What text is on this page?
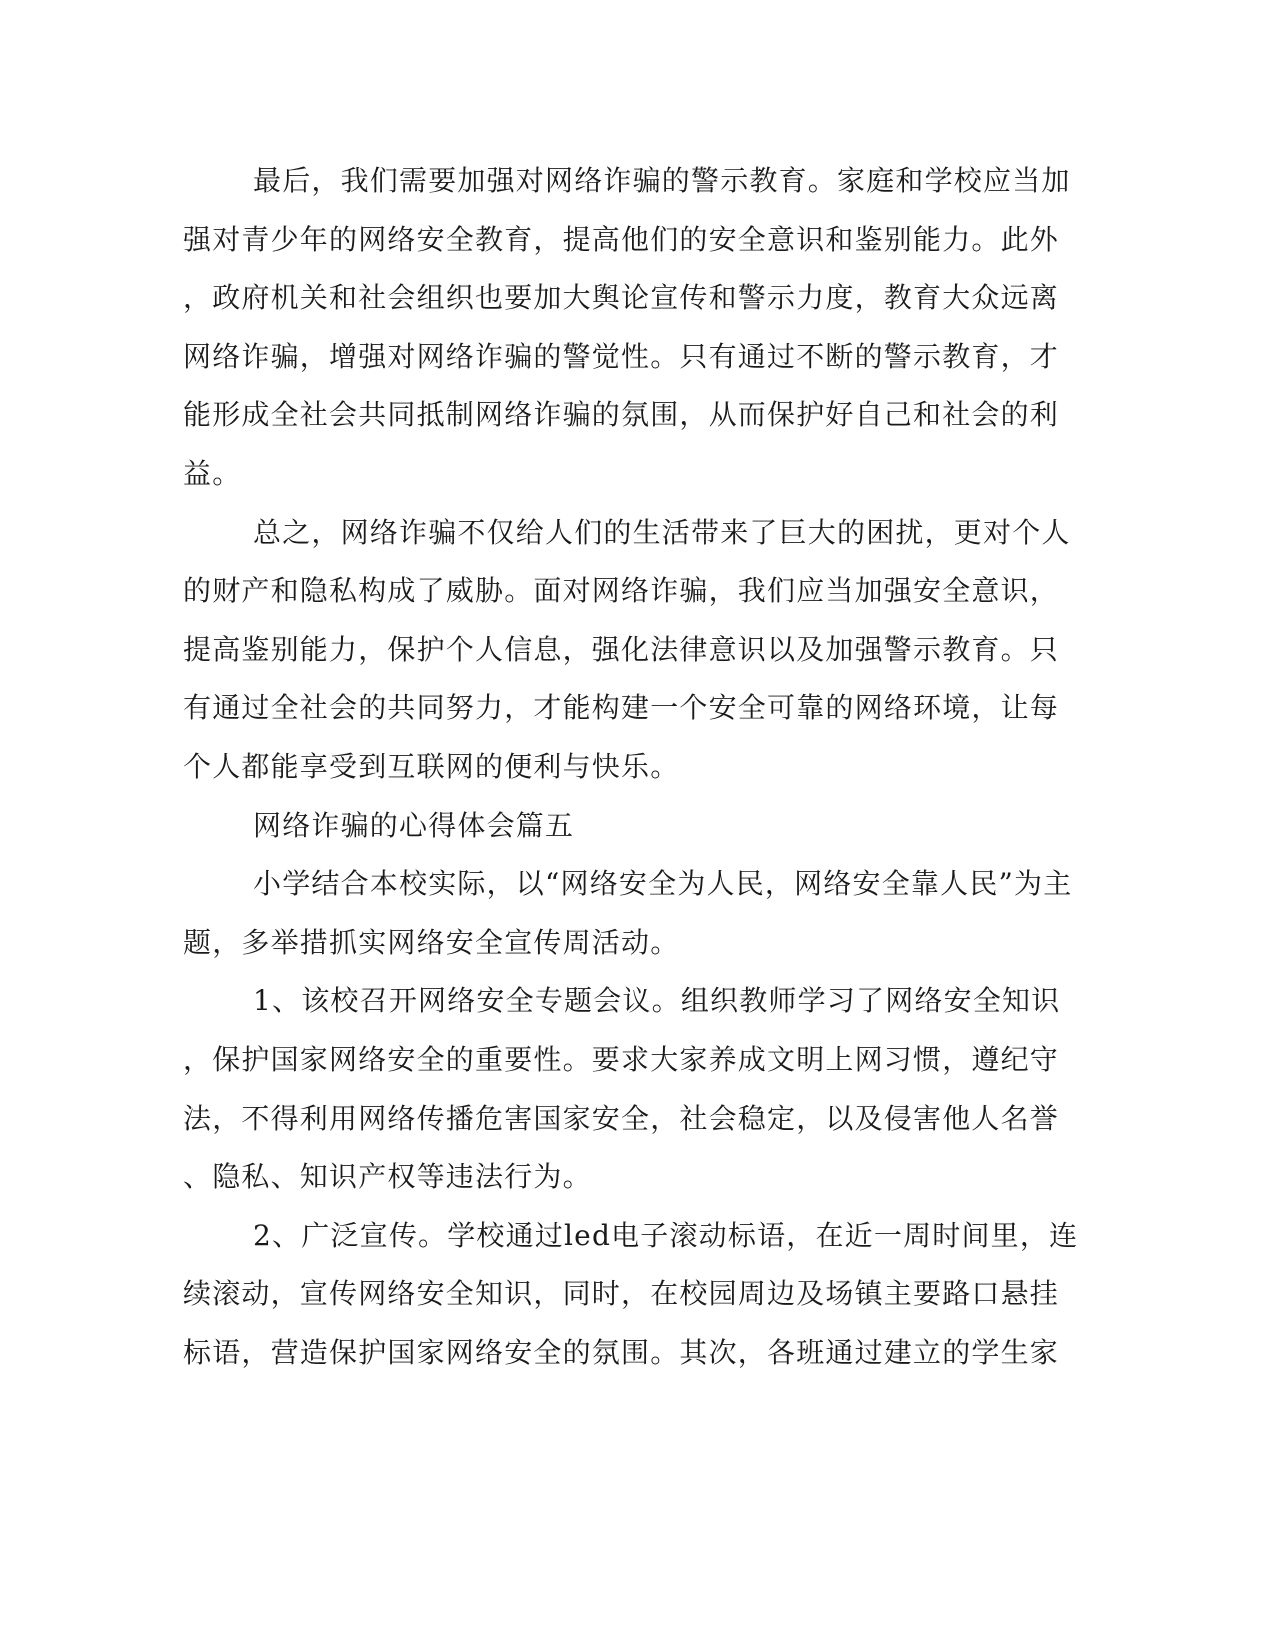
最后，我们需要加强对网络诈骗的警示教育。家庭和学校应当加
强对青少年的网络安全教育，提高他们的安全意识和鉴别能力。此外
，政府机关和社会组织也要加大舆论宣传和警示力度，教育大众远离
网络诈骗，增强对网络诈骗的警觉性。只有通过不断的警示教育，才
能形成全社会共同抵制网络诈骗的氛围，从而保护好自己和社会的利
益。
总之，网络诈骗不仅给人们的生活带来了巨大的困扰，更对个人
的财产和隐私构成了威胁。面对网络诈骗，我们应当加强安全意识，
提高鉴别能力，保护个人信息，强化法律意识以及加强警示教育。只
有通过全社会的共同努力，才能构建一个安全可靠的网络环境，让每
个人都能享受到互联网的便利与快乐。
网络诈骗的心得体会篇五
小学结合本校实际，以“网络安全为人民，网络安全靠人民”为主
题，多举措抓实网络安全宣传周活动。
1、该校召开网络安全专题会议。组织教师学习了网络安全知识
，保护国家网络安全的重要性。要求大家养成文明上网习惯，遵纪守
法，不得利用网络传播危害国家安全，社会稳定，以及侵害他人名誉
、隐私、知识产权等违法行为。
2、广泛宣传。学校通过led电子滚动标语，在近一周时间里，连
续滚动，宣传网络安全知识，同时，在校园周边及场镇主要路口悬挂
标语，营造保护国家网络安全的氛围。其次，各班通过建立的学生家
